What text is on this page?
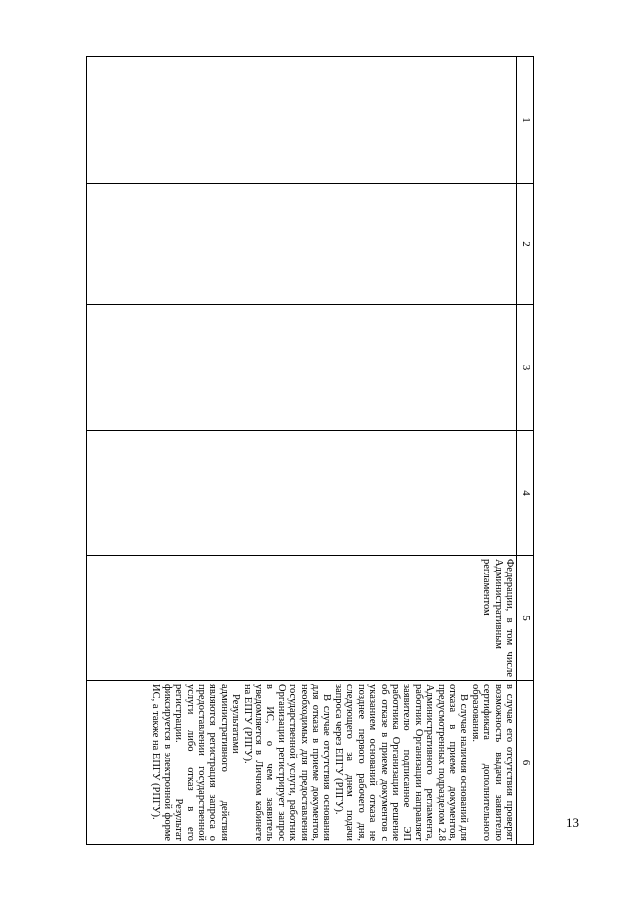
13
1	2	3	4	5	6
				Федерации, в том числе Административным регламентом	в случае его отсутствия проверят возможность выдачи заявителю сертификата дополнительного образования.

В случае наличия оснований для отказа в приеме документов, предусмотренных подразделом 2.8 Административного регламента, работник Организации направляет заявителю подписанное ЭП работника Организации решение об отказе в приеме документов с указанием оснований отказа не позднее первого рабочего дня, следующего за днем подачи запроса через ЕПГУ (РПГУ).

В случае отсутствия основания для отказа в приеме документов, необходимых для предоставления государственной услуги, работник Организации регистрирует запрос в ИС, о чем заявитель уведомляется в Личном кабинете на ЕПГУ (РПГУ).

Результатами административного действия являются регистрация запроса о предоставлении государственной услуги либо отказ в его регистрации. Результат фиксируется в электронной форме ИС, а также на ЕПГУ (РПГУ).
